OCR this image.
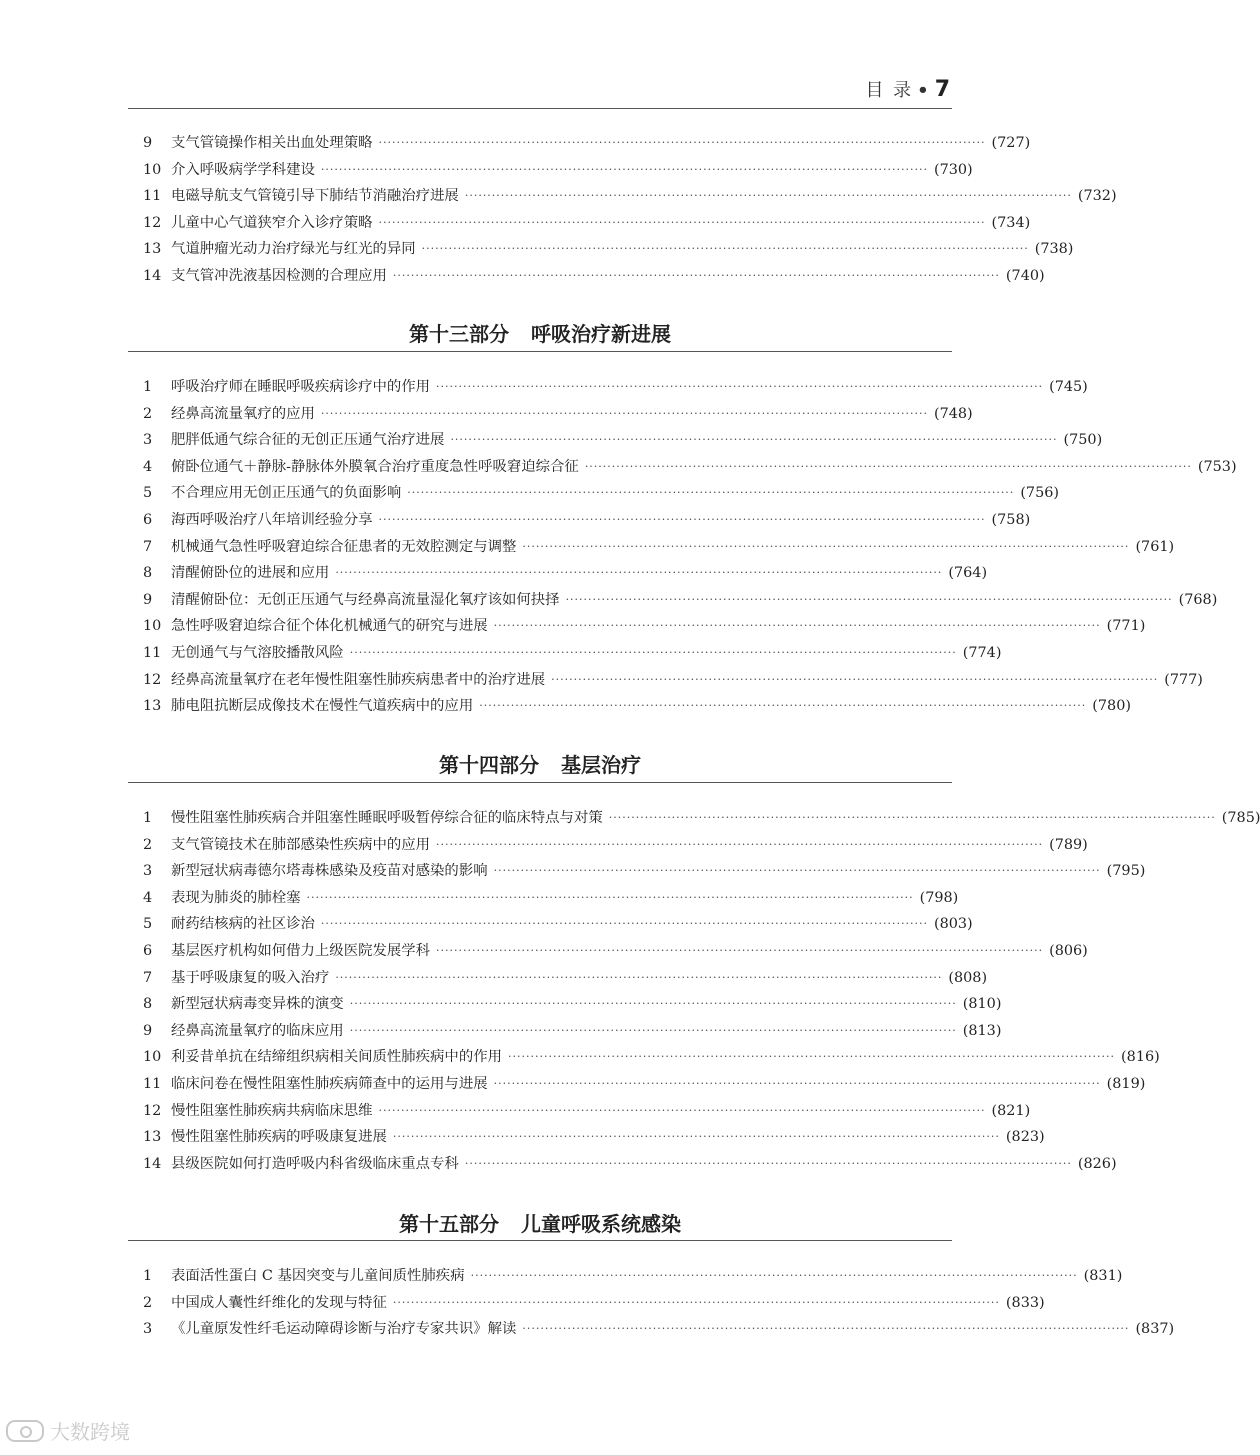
目 录 • 7
9	支气管镜操作相关出血处理策略 ······································································································································· (727)
10 介入呼吸病学学科建设 ······································································································································· (730)
11 电磁导航支气管镜引导下肺结节消融治疗进展 ······································································································································· (732)
12 儿童中心气道狭窄介入诊疗策略 ······································································································································· (734)
13 气道肿瘤光动力治疗绿光与红光的异同 ······································································································································· (738)
14 支气管冲洗液基因检测的合理应用 ······································································································································· (740)
第十三部分 呼吸治疗新进展
1	呼吸治疗师在睡眠呼吸疾病诊疗中的作用 ······································································································································· (745)
2	经鼻高流量氧疗的应用 ······································································································································· (748)
3	肥胖低通气综合征的无创正压通气治疗进展 ······································································································································· (750)
4	俯卧位通气＋静脉-静脉体外膜氧合治疗重度急性呼吸窘迫综合征 ······································································································································· (753)
5	不合理应用无创正压通气的负面影响 ······································································································································· (756)
6	海西呼吸治疗八年培训经验分享 ······································································································································· (758)
7	机械通气急性呼吸窘迫综合征患者的无效腔测定与调整 ······································································································································· (761)
8	清醒俯卧位的进展和应用 ······································································································································· (764)
9	清醒俯卧位：无创正压通气与经鼻高流量湿化氧疗该如何抉择 ······································································································································· (768)
10 急性呼吸窘迫综合征个体化机械通气的研究与进展 ······································································································································· (771)
11 无创通气与气溶胶播散风险 ······································································································································· (774)
12 经鼻高流量氧疗在老年慢性阻塞性肺疾病患者中的治疗进展 ······································································································································· (777)
13 肺电阻抗断层成像技术在慢性气道疾病中的应用 ······································································································································· (780)
第十四部分 基层治疗
1	慢性阻塞性肺疾病合并阻塞性睡眠呼吸暂停综合征的临床特点与对策 ······································································································································· (785)
2	支气管镜技术在肺部感染性疾病中的应用 ······································································································································· (789)
3	新型冠状病毒德尔塔毒株感染及疫苗对感染的影响 ······································································································································· (795)
4	表现为肺炎的肺栓塞 ······································································································································· (798)
5	耐药结核病的社区诊治 ······································································································································· (803)
6	基层医疗机构如何借力上级医院发展学科 ······································································································································· (806)
7	基于呼吸康复的吸入治疗 ······································································································································· (808)
8	新型冠状病毒变异株的演变 ······································································································································· (810)
9	经鼻高流量氧疗的临床应用 ······································································································································· (813)
10 利妥昔单抗在结缔组织病相关间质性肺疾病中的作用 ······································································································································· (816)
11 临床问卷在慢性阻塞性肺疾病筛查中的运用与进展 ······································································································································· (819)
12 慢性阻塞性肺疾病共病临床思维 ······································································································································· (821)
13 慢性阻塞性肺疾病的呼吸康复进展 ······································································································································· (823)
14 县级医院如何打造呼吸内科省级临床重点专科 ······································································································································· (826)
第十五部分 儿童呼吸系统感染
1	表面活性蛋白 C 基因突变与儿童间质性肺疾病 ······································································································································· (831)
2	中国成人囊性纤维化的发现与特征 ······································································································································· (833)
3	《儿童原发性纤毛运动障碍诊断与治疗专家共识》解读 ······································································································································· (837)
大数跨境
